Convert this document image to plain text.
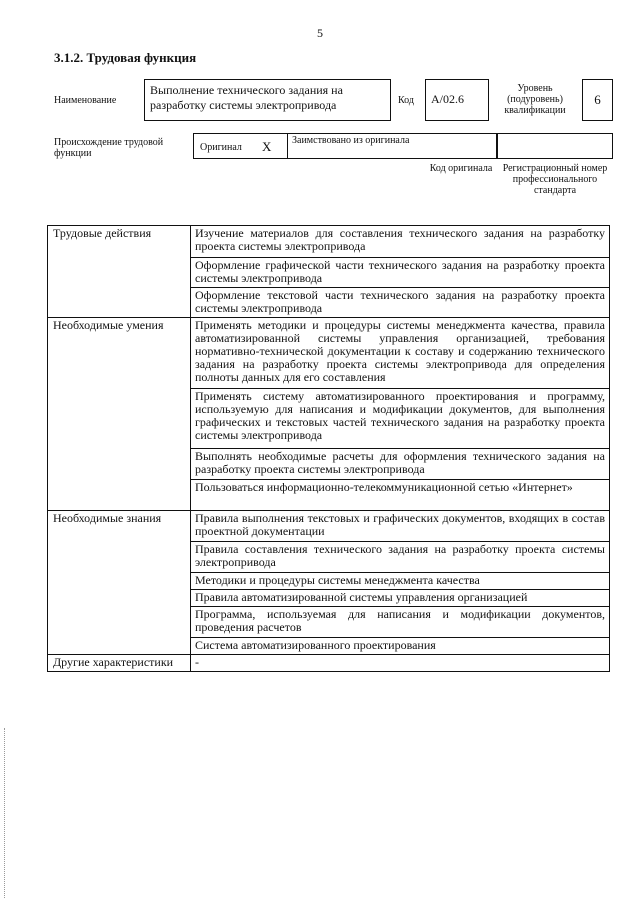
5
3.1.2. Трудовая функция
Наименование
Выполнение технического задания на разработку системы электропривода	Код	A/02.6
Уровень (подуровень) квалификации
6
Происхождение трудовой функции
Оригинал X Заимствовано из оригинала
Код оригинала	Регистрационный номер профессионального стандарта
Трудовые действия	Изучение материалов для составления технического задания на разработку проекта системы электропривода
	Оформление графической части технического задания на разработку проекта системы электропривода
	Оформление текстовой части технического задания на разработку проекта системы электропривода
Необходимые умения	Применять методики и процедуры системы менеджмента качества, правила автоматизированной системы управления организацией, требования нормативно-технической документации к составу и содержанию технического задания на разработку проекта системы электропривода для определения полноты данных для его составления
	Применять систему автоматизированного проектирования и программу, используемую для написания и модификации документов, для выполнения графических и текстовых частей технического задания на разработку проекта системы электропривода
	Выполнять необходимые расчеты для оформления технического задания на разработку проекта системы электропривода
	Пользоваться информационно-телекоммуникационной сетью «Интернет»
Необходимые знания	Правила выполнения текстовых и графических документов, входящих в состав проектной документации
	Правила составления технического задания на разработку проекта системы электропривода
	Методики и процедуры системы менеджмента качества
	Правила автоматизированной системы управления организацией
	Программа, используемая для написания и модификации документов, проведения расчетов
	Система автоматизированного проектирования
Другие характеристики	-
